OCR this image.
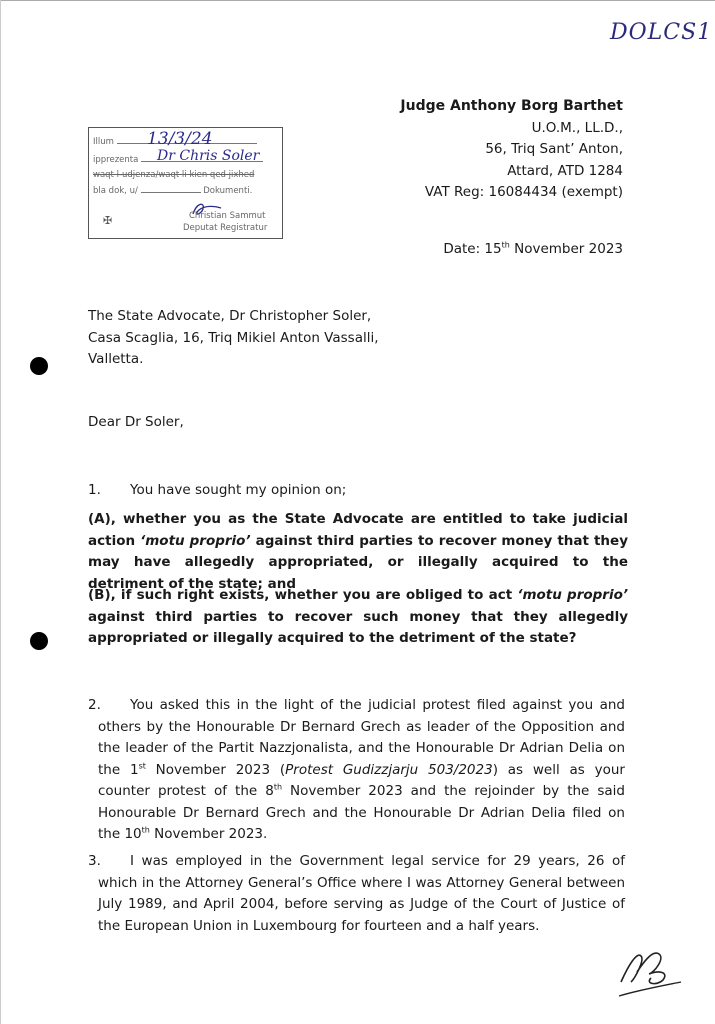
DOLCS1
Judge Anthony Borg Barthet
U.O.M., LL.D.,
56, Triq Sant’ Anton,
Attard, ATD 1284
VAT Reg: 16084434 (exempt)
Date: 15th November 2023
Illum	13/3/24
ipprezenta	Dr Chris Soler
waqt l-udjenza/waqt li kien qed jixhed
bla dok, u/	Dokumenti.
✠	Christian Sammut
Deputat Registratur
The State Advocate, Dr Christopher Soler,
Casa Scaglia, 16, Triq Mikiel Anton Vassalli,
Valletta.
Dear Dr Soler,
1. You have sought my opinion on;
(A), whether you as the State Advocate are entitled to take judicial action ‘motu proprio’ against third parties to recover money that they may have allegedly appropriated, or illegally acquired to the detriment of the state; and
(B), if such right exists, whether you are obliged to act ‘motu proprio’ against third parties to recover such money that they allegedly appropriated or illegally acquired to the detriment of the state?
2.	You asked this in the light of the judicial protest filed against you and others by the Honourable Dr Bernard Grech as leader of the Opposition and the leader of the Partit Nazzjonalista, and the Honourable Dr Adrian Delia on the 1st November 2023 (Protest Gudizzjarju 503/2023) as well as your counter protest of the 8th November 2023 and the rejoinder by the said Honourable Dr Bernard Grech and the Honourable Dr Adrian Delia filed on the 10th November 2023.
3.	I was employed in the Government legal service for 29 years, 26 of which in the Attorney General’s Office where I was Attorney General between July 1989, and April 2004, before serving as Judge of the Court of Justice of the European Union in Luxembourg for fourteen and a half years.
